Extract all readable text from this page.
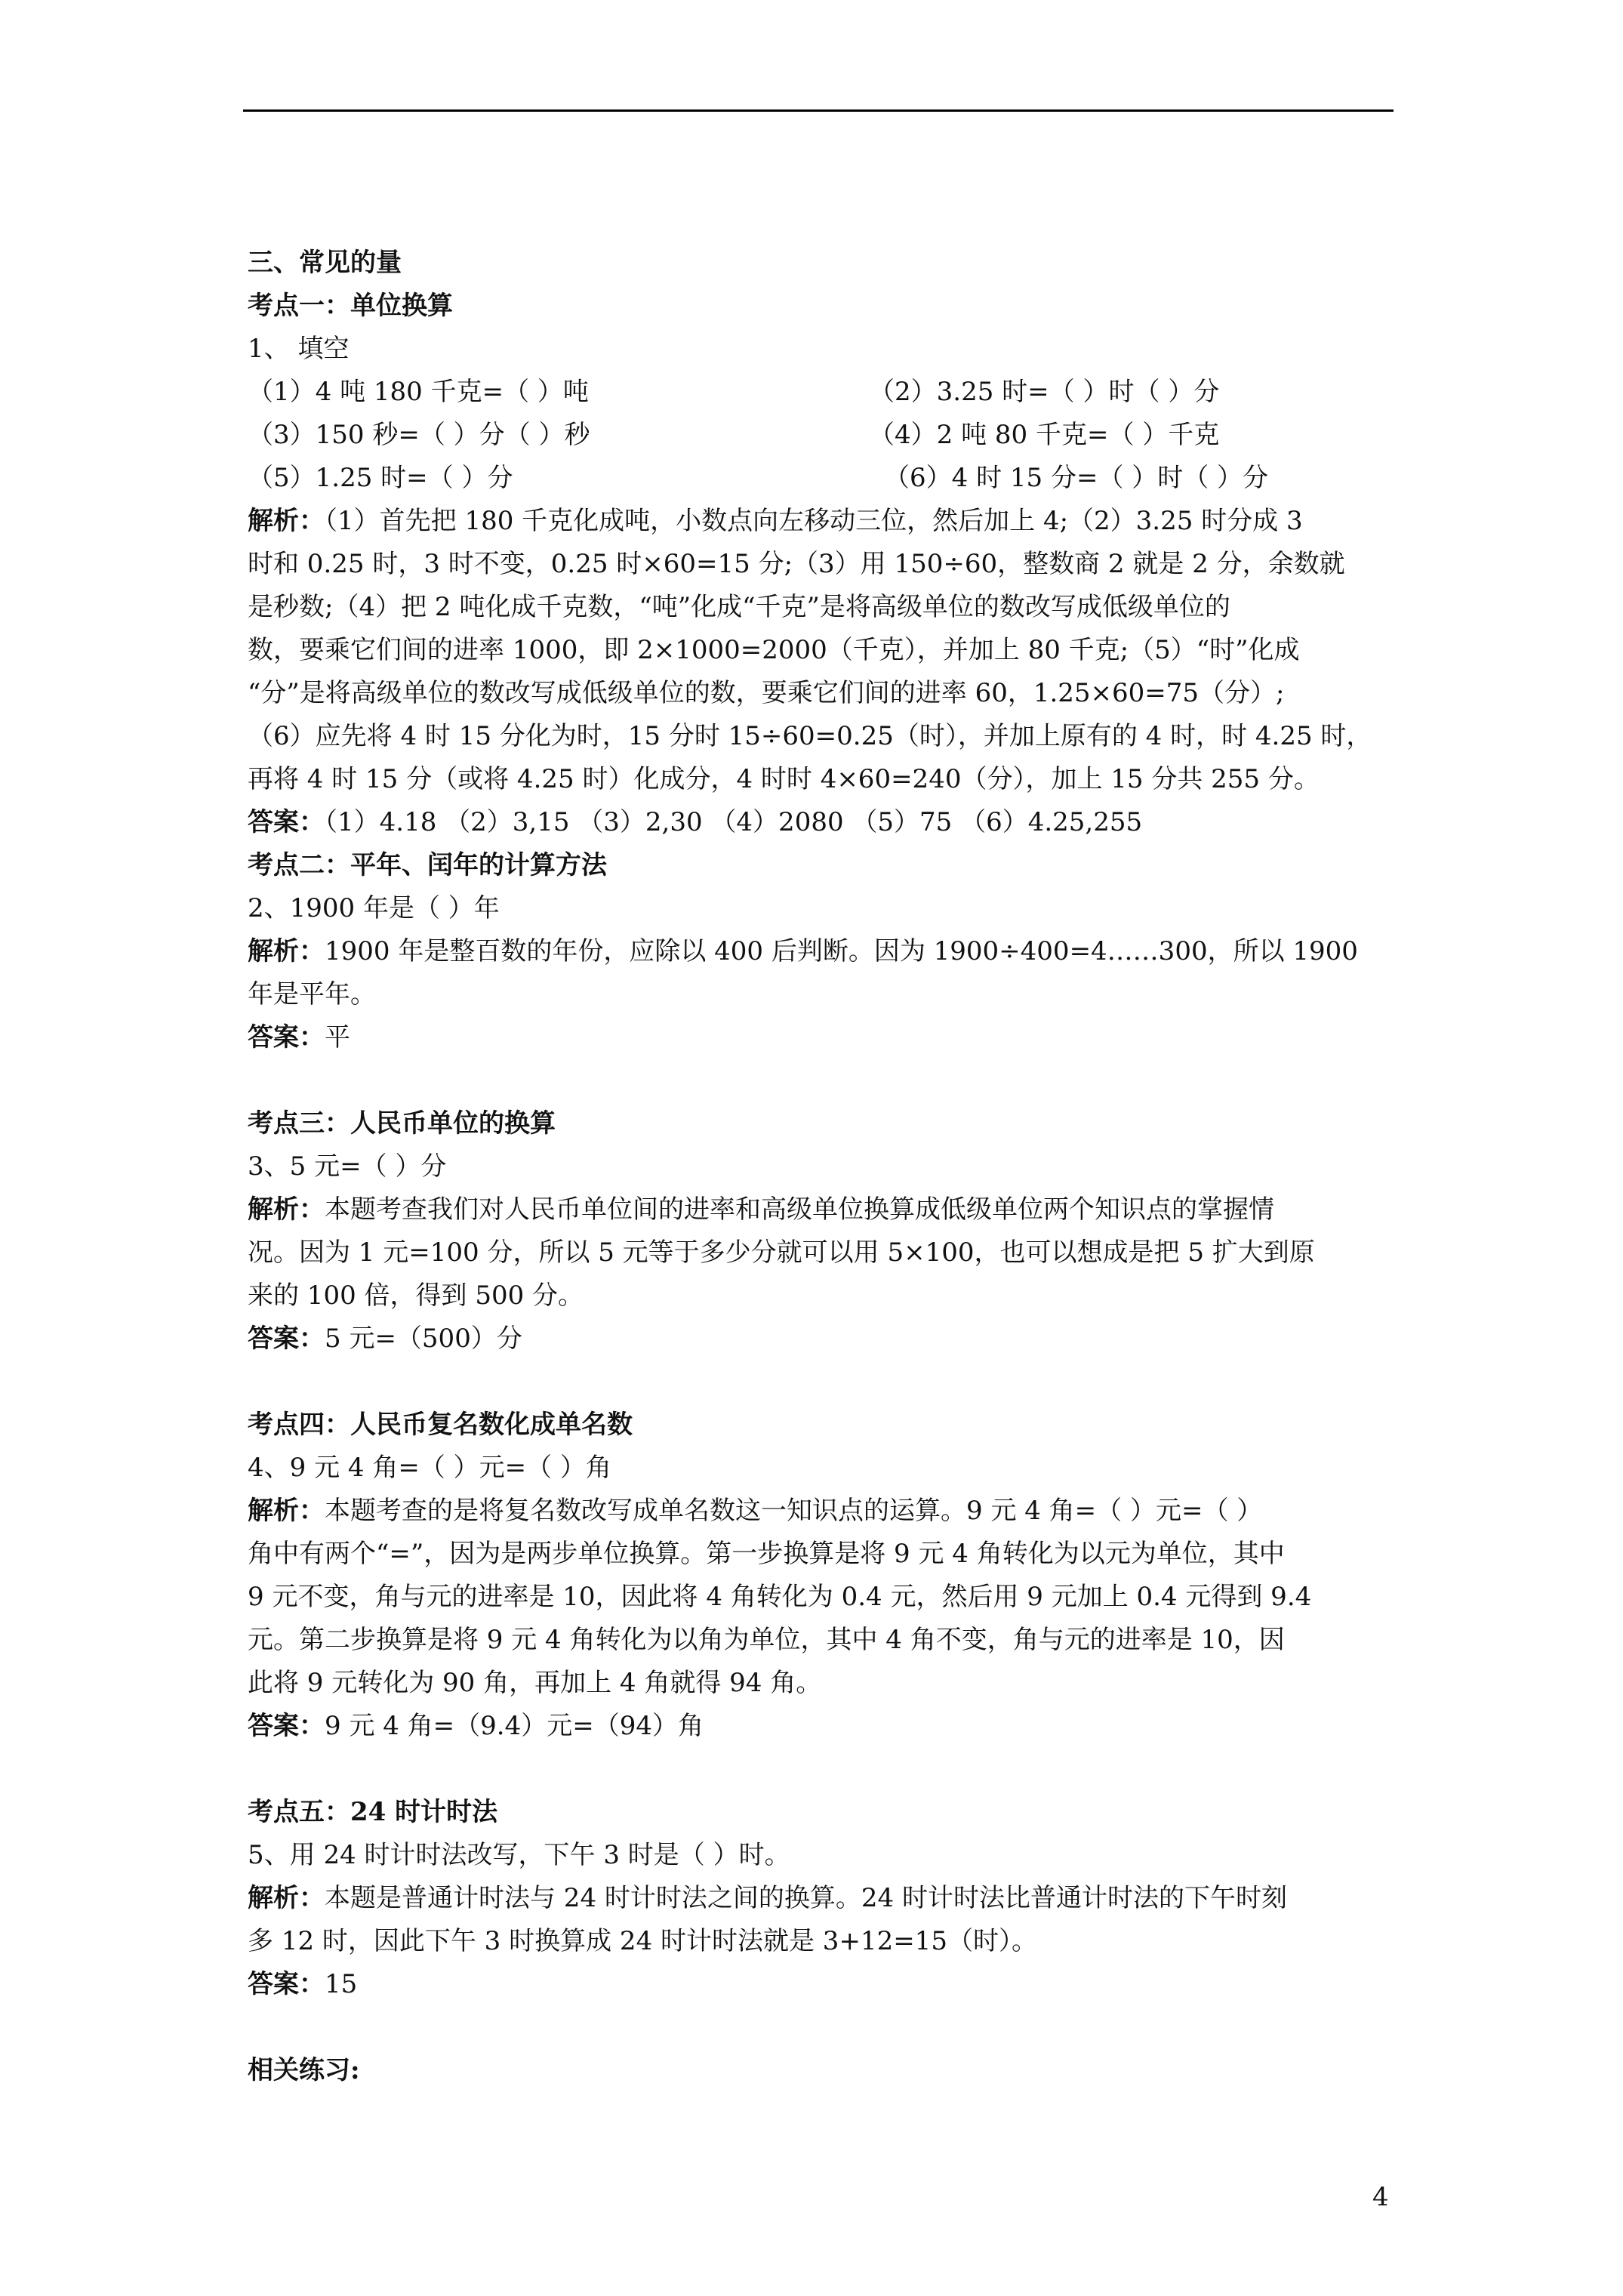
三、常见的量
考点一：单位换算
1、 填空
（1）4 吨 180 千克=（ ）吨	（2）3.25 时=（ ）时（ ）分
（3）150 秒=（ ）分（ ）秒	（4）2 吨 80 千克=（ ）千克
（5）1.25 时=（ ）分	（6）4 时 15 分=（ ）时（ ）分
解析：（1）首先把 180 千克化成吨，小数点向左移动三位，然后加上 4;（2）3.25 时分成 3
时和 0.25 时，3 时不变，0.25 时×60=15 分;（3）用 150÷60，整数商 2 就是 2 分，余数就
是秒数;（4）把 2 吨化成千克数，“吨”化成“千克”是将高级单位的数改写成低级单位的
数，要乘它们间的进率 1000，即 2×1000=2000（千克），并加上 80 千克;（5）“时”化成
“分”是将高级单位的数改写成低级单位的数，要乘它们间的进率 60，1.25×60=75（分）;
（6）应先将 4 时 15 分化为时，15 分时 15÷60=0.25（时），并加上原有的 4 时，时 4.25 时，
再将 4 时 15 分（或将 4.25 时）化成分，4 时时 4×60=240（分），加上 15 分共 255 分。
答案：（1）4.18 （2）3,15 （3）2,30 （4）2080 （5）75 （6）4.25,255
考点二：平年、闰年的计算方法
2、1900 年是（ ）年
解析：1900 年是整百数的年份，应除以 400 后判断。因为 1900÷400=4……300，所以 1900
年是平年。
答案：平
考点三：人民币单位的换算
3、5 元=（ ）分
解析：本题考查我们对人民币单位间的进率和高级单位换算成低级单位两个知识点的掌握情
况。因为 1 元=100 分，所以 5 元等于多少分就可以用 5×100，也可以想成是把 5 扩大到原
来的 100 倍，得到 500 分。
答案：5 元=（500）分
考点四：人民币复名数化成单名数
4、9 元 4 角=（ ）元=（ ）角
解析：本题考查的是将复名数改写成单名数这一知识点的运算。9 元 4 角=（ ）元=（ ）
角中有两个“=”，因为是两步单位换算。第一步换算是将 9 元 4 角转化为以元为单位，其中
9 元不变，角与元的进率是 10，因此将 4 角转化为 0.4 元，然后用 9 元加上 0.4 元得到 9.4
元。第二步换算是将 9 元 4 角转化为以角为单位，其中 4 角不变，角与元的进率是 10，因
此将 9 元转化为 90 角，再加上 4 角就得 94 角。
答案：9 元 4 角=（9.4）元=（94）角
考点五：24 时计时法
5、用 24 时计时法改写，下午 3 时是（ ）时。
解析：本题是普通计时法与 24 时计时法之间的换算。24 时计时法比普通计时法的下午时刻
多 12 时，因此下午 3 时换算成 24 时计时法就是 3+12=15（时）。
答案：15
相关练习:
4
